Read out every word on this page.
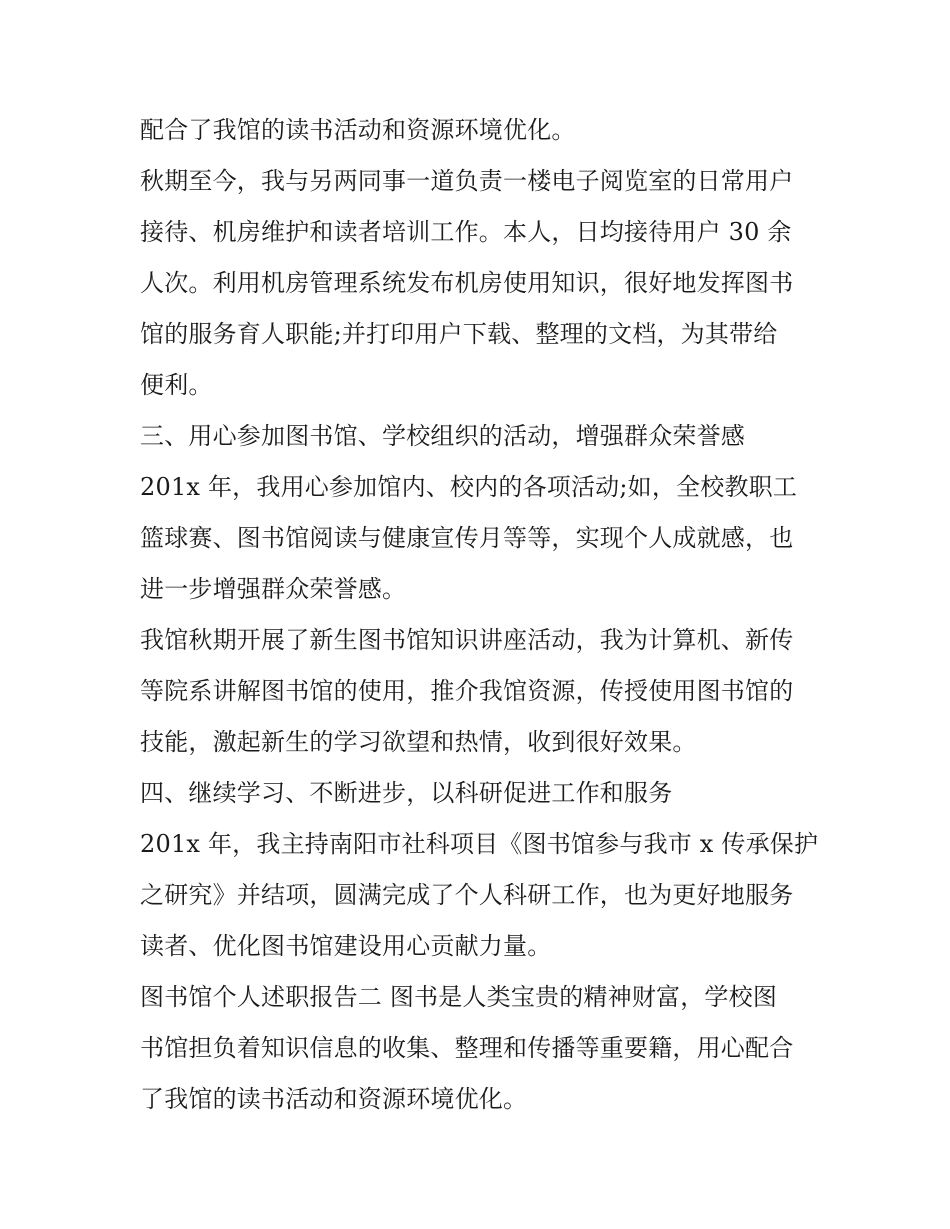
配合了我馆的读书活动和资源环境优化。
秋期至今，我与另两同事一道负责一楼电子阅览室的日常用户
接待、机房维护和读者培训工作。本人，日均接待用户 30 余
人次。利用机房管理系统发布机房使用知识，很好地发挥图书
馆的服务育人职能;并打印用户下载、整理的文档，为其带给
便利。
三、用心参加图书馆、学校组织的活动，增强群众荣誉感
201x 年，我用心参加馆内、校内的各项活动;如，全校教职工
篮球赛、图书馆阅读与健康宣传月等等，实现个人成就感，也
进一步增强群众荣誉感。
我馆秋期开展了新生图书馆知识讲座活动，我为计算机、新传
等院系讲解图书馆的使用，推介我馆资源，传授使用图书馆的
技能，激起新生的学习欲望和热情，收到很好效果。
四、继续学习、不断进步，以科研促进工作和服务
201x 年，我主持南阳市社科项目《图书馆参与我市 x 传承保护
之研究》并结项，圆满完成了个人科研工作，也为更好地服务
读者、优化图书馆建设用心贡献力量。
图书馆个人述职报告二 图书是人类宝贵的精神财富，学校图
书馆担负着知识信息的收集、整理和传播等重要籍，用心配合
了我馆的读书活动和资源环境优化。
